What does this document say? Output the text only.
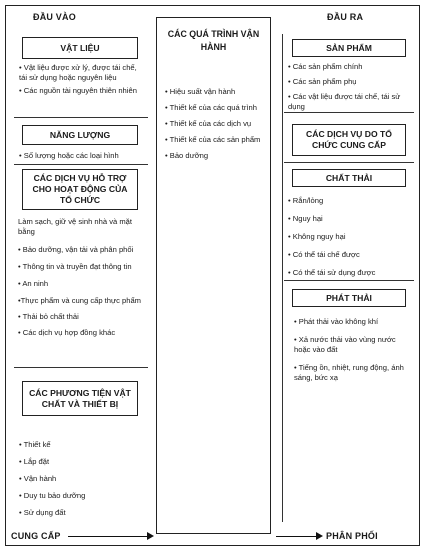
ĐẦU VÀO	ĐẦU RA
VẬT LIỆU
• Vật liệu được xử lý, được tái chế, tái sử dụng hoặc nguyên liệu
• Các nguồn tài nguyên thiên nhiên
NĂNG LƯỢNG
• Số lượng hoặc các loại hình
CÁC DỊCH VỤ HỖ TRỢ CHO HOẠT ĐỘNG CỦA TỔ CHỨC
Làm sạch, giữ vệ sinh nhà và mặt bằng
• Bảo dưỡng, vận tải và phân phối
• Thông tin và truyền đạt thông tin
• An ninh
•Thực phẩm và cung cấp thực phẩm
• Thải bỏ chất thải
• Các dịch vụ hợp đồng khác
CÁC PHƯƠNG TIỆN VẬT CHẤT VÀ THIẾT BỊ
• Thiết kế
• Lắp đặt
• Vận hành
• Duy tu bảo dưỡng
• Sử dụng đất
CÁC QUÁ TRÌNH VẬN HÀNH
• Hiệu suất vận hành
• Thiết kế của các quá trình
• Thiết kế của các dịch vụ
• Thiết kế của các sản phẩm
• Bảo dưỡng
SẢN PHẨM
• Các sản phẩm chính
• Các sản phẩm phụ
• Các vật liệu được tái chế, tái sử dụng
CÁC DỊCH VỤ DO TỔ CHỨC CUNG CẤP
CHẤT THẢI
• Rắn/lỏng
• Nguy hại
• Không nguy hại
• Có thể tái chế được
• Có thể tái sử dụng được
PHÁT THẢI
• Phát thải vào không khí
• Xả nước thải vào vùng nước hoặc vào đất
• Tiếng ồn, nhiệt, rung động, ánh sáng, bức xạ
CUNG CẤP	PHÂN PHỐI
